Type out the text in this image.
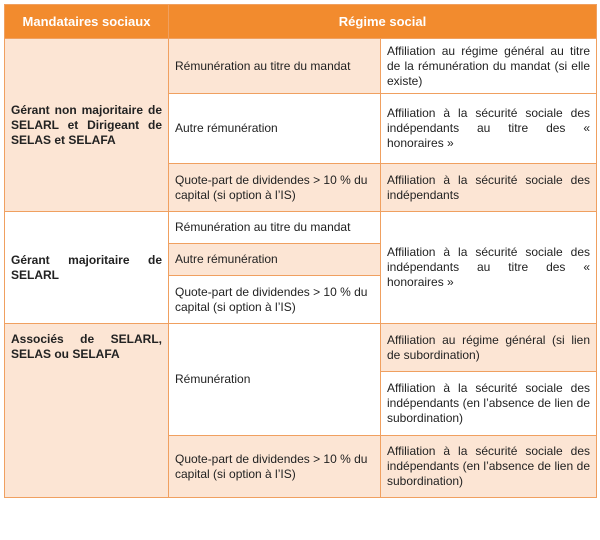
Mandataires sociaux	Régime social	
Gérant non majoritaire de SELARL et Dirigeant de SELAS et SELAFA	Rémunération au titre du mandat	Affiliation au régime général au titre de la rémunération du mandat (si elle existe)
	Autre rémunération	Affiliation à la sécurité sociale des indépendants au titre des « honoraires »
	Quote-part de dividendes > 10 % du capital (si option à l’IS)	Affiliation à la sécurité sociale des indépendants
Gérant majoritaire de SELARL	Rémunération au titre du mandat	Affiliation à la sécurité sociale des indépendants au titre des « honoraires »
	Autre rémunération	
	Quote-part de dividendes > 10 % du capital (si option à l’IS)	
Associés de SELARL, SELAS ou SELAFA	Rémunération	Affiliation au régime général (si lien de subordination)
		Affiliation à la sécurité sociale des indépendants (en l’absence de lien de subordination)
	Quote-part de dividendes > 10 % du capital (si option à l’IS)	Affiliation à la sécurité sociale des indépendants (en l’absence de lien de subordination)
